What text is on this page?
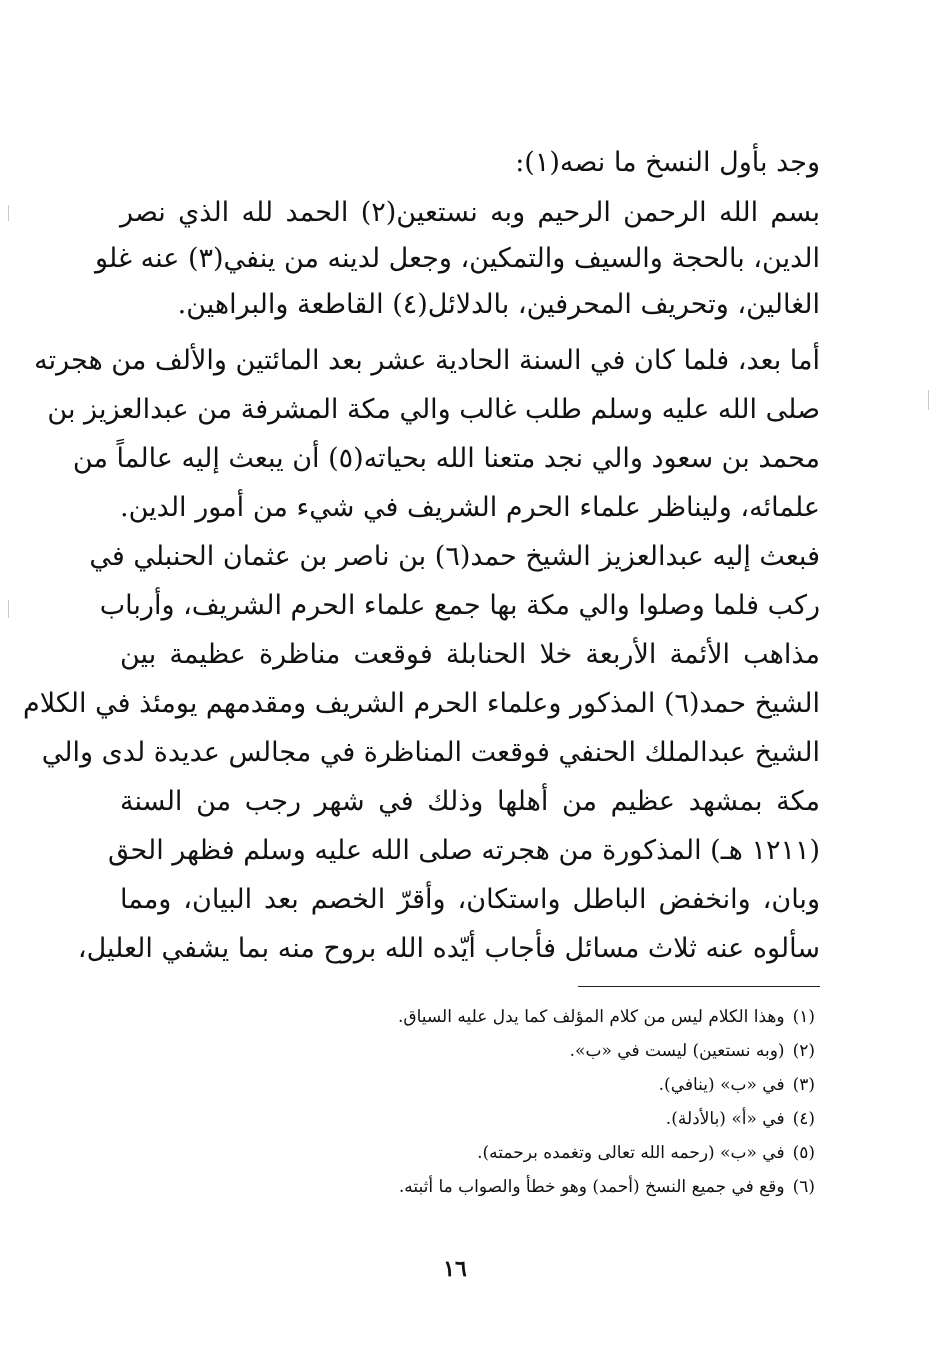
وجد بأول النسخ ما نصه(١):
بسم الله الرحمن الرحيم وبه نستعين(٢) الحمد لله الذي نصر
الدين، بالحجة والسيف والتمكين، وجعل لدينه من ينفي(٣) عنه غلو
الغالين، وتحريف المحرفين، بالدلائل(٤) القاطعة والبراهين.
أما بعد، فلما كان في السنة الحادية عشر بعد المائتين والألف من هجرته
صلى الله عليه وسلم طلب غالب والي مكة المشرفة من عبدالعزيز بن
محمد بن سعود والي نجد متعنا الله بحياته(٥) أن يبعث إليه عالماً من
علمائه، وليناظر علماء الحرم الشريف في شيء من أمور الدين.
فبعث إليه عبدالعزيز الشيخ حمد(٦) بن ناصر بن عثمان الحنبلي في
ركب فلما وصلوا والي مكة بها جمع علماء الحرم الشريف، وأرباب
مذاهب الأئمة الأربعة خلا الحنابلة فوقعت مناظرة عظيمة بين
الشيخ حمد(٦) المذكور وعلماء الحرم الشريف ومقدمهم يومئذ في الكلام
الشيخ عبدالملك الحنفي فوقعت المناظرة في مجالس عديدة لدى والي
مكة بمشهد عظيم من أهلها وذلك في شهر رجب من السنة
(١٢١١ هـ) المذكورة من هجرته صلى الله عليه وسلم فظهر الحق
وبان، وانخفض الباطل واستكان، وأقرّ الخصم بعد البيان، ومما
سألوه عنه ثلاث مسائل فأجاب أيّده الله بروح منه بما يشفي العليل،
(١)وهذا الكلام ليس من كلام المؤلف كما يدل عليه السياق.
(٢)(وبه نستعين) ليست في «ب».
(٣)في «ب» (ينافي).
(٤)في «أ» (بالأدلة).
(٥)في «ب» (رحمه الله تعالى وتغمده برحمته).
(٦)وقع في جميع النسخ (أحمد) وهو خطأ والصواب ما أثبته.
١٦
